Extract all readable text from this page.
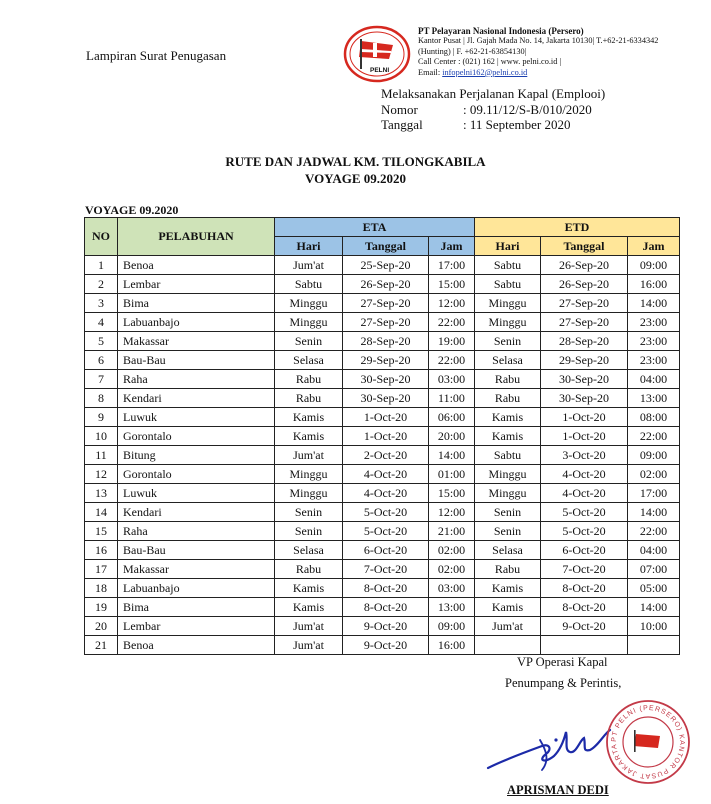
Lampiran Surat Penugasan
PELNI
PT Pelayaran Nasional Indonesia (Persero)
Kantor Pusat | Jl. Gajah Mada No. 14, Jakarta 10130| T.+62-21-6334342
(Hunting) | F. +62-21-63854130|
Call Center : (021) 162 | www. pelni.co.id |
Email: infopelni162@pelni.co.id
Melaksanakan Perjalanan Kapal (Emplooi)
Nomor	: 09.11/12/S-B/010/2020
Tanggal	: 11 September 2020
RUTE DAN JADWAL KM. TILONGKABILA
VOYAGE 09.2020
VOYAGE 09.2020
NO	PELABUHAN	ETA			ETD		
		Hari	Tanggal	Jam	Hari	Tanggal	Jam
1	Benoa	Jum'at	25-Sep-20	17:00	Sabtu	26-Sep-20	09:00
2	Lembar	Sabtu	26-Sep-20	15:00	Sabtu	26-Sep-20	16:00
3	Bima	Minggu	27-Sep-20	12:00	Minggu	27-Sep-20	14:00
4	Labuanbajo	Minggu	27-Sep-20	22:00	Minggu	27-Sep-20	23:00
5	Makassar	Senin	28-Sep-20	19:00	Senin	28-Sep-20	23:00
6	Bau-Bau	Selasa	29-Sep-20	22:00	Selasa	29-Sep-20	23:00
7	Raha	Rabu	30-Sep-20	03:00	Rabu	30-Sep-20	04:00
8	Kendari	Rabu	30-Sep-20	11:00	Rabu	30-Sep-20	13:00
9	Luwuk	Kamis	1-Oct-20	06:00	Kamis	1-Oct-20	08:00
10	Gorontalo	Kamis	1-Oct-20	20:00	Kamis	1-Oct-20	22:00
11	Bitung	Jum'at	2-Oct-20	14:00	Sabtu	3-Oct-20	09:00
12	Gorontalo	Minggu	4-Oct-20	01:00	Minggu	4-Oct-20	02:00
13	Luwuk	Minggu	4-Oct-20	15:00	Minggu	4-Oct-20	17:00
14	Kendari	Senin	5-Oct-20	12:00	Senin	5-Oct-20	14:00
15	Raha	Senin	5-Oct-20	21:00	Senin	5-Oct-20	22:00
16	Bau-Bau	Selasa	6-Oct-20	02:00	Selasa	6-Oct-20	04:00
17	Makassar	Rabu	7-Oct-20	02:00	Rabu	7-Oct-20	07:00
18	Labuanbajo	Kamis	8-Oct-20	03:00	Kamis	8-Oct-20	05:00
19	Bima	Kamis	8-Oct-20	13:00	Kamis	8-Oct-20	14:00
20	Lembar	Jum'at	9-Oct-20	09:00	Jum'at	9-Oct-20	10:00
21	Benoa	Jum'at	9-Oct-20	16:00			
VP Operasi Kapal
Penumpang & Perintis,
PT PELNI (PERSERO) KANTOR PUSAT JAKARTA
APRISMAN DEDI
